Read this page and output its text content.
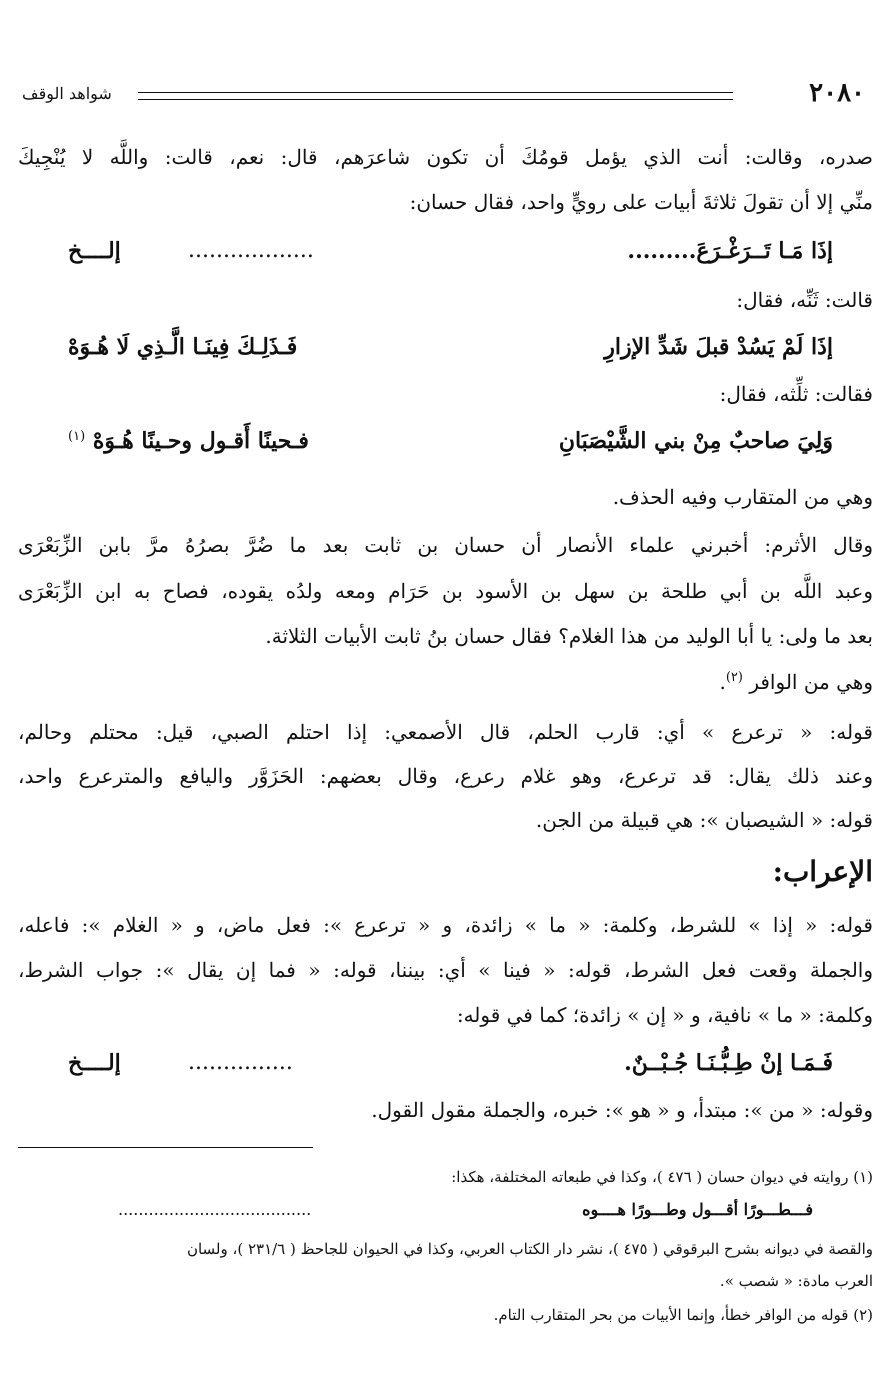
٢٠٨٠
شواهد الوقف
صدره، وقالت: أنت الذي يؤمل قومُكَ أن تكون شاعرَهم، قال: نعم، قالت: واللَّه لا يُنْجِيكَ
منِّي إلا أن تقولَ ثلاثةَ أبيات على رويٍّ واحد، فقال حسان:
إذَا مَـا تَــرَغْـرَعَ.........
..................
إلــــخ
قالت: ثَنِّه، فقال:
إذَا لَمْ يَسُدْ قبلَ شَدِّ الإزارِ
فَـذَلِـكَ فِينَـا الَّـذِي لَا هُـوَهْ
فقالت: ثلِّثه، فقال:
وَلِيَ صاحبٌ مِنْ بني الشَّيْصَبَانِ
فـحينًا أَقـول وحـينًا هُـوَهْ $^{(١)}$
وهي من المتقارب وفيه الحذف.
وقال الأثرم: أخبرني علماء الأنصار أن حسان بن ثابت بعد ما ضُرَّ بصرُهُ مرَّ بابن الزِّبَعْرَى
وعبد اللَّه بن أبي طلحة بن سهل بن الأسود بن حَرَام ومعه ولدُه يقوده، فصاح به ابن الزِّبَعْرَى
بعد ما ولى: يا أبا الوليد من هذا الغلام؟ فقال حسان بنُ ثابت الأبيات الثلاثة.
وهي من الوافر $^{(٢)}$.
قوله: « ترعرع » أي: قارب الحلم، قال الأصمعي: إذا احتلم الصبي، قيل: محتلم وحالم،
وعند ذلك يقال: قد ترعرع، وهو غلام رعرع، وقال بعضهم: الحَزَوَّر واليافع والمترعرع واحد،
قوله: « الشيصبان »: هي قبيلة من الجن.
الإعراب:
قوله: « إذا » للشرط، وكلمة: « ما » زائدة، و « ترعرع »: فعل ماض، و « الغلام »: فاعله،
والجملة وقعت فعل الشرط، قوله: « فينا » أي: بيننا، قوله: « فما إن يقال »: جواب الشرط،
وكلمة: « ما » نافية، و « إن » زائدة؛ كما في قوله:
فَـمَـا إنْ طِـبُّـنَـا جُـبْــنٌ.
...............
إلــــخ
وقوله: « من »: مبتدأ، و « هو »: خبره، والجملة مقول القول.
(١) روايته في ديوان حسان ( ٤٧٦ )، وكذا في طبعاته المختلفة، هكذا:
فـــطـــورًا أقـــول وطـــورًا هــــوه
......................................
والقصة في ديوانه بشرح البرقوقي ( ٤٧٥ )، نشر دار الكتاب العربي، وكذا في الحيوان للجاحظ ( ٢٣١/٦ )، ولسان
العرب مادة: « شصب ».
(٢) قوله من الوافر خطأ، وإنما الأبيات من بحر المتقارب التام.
